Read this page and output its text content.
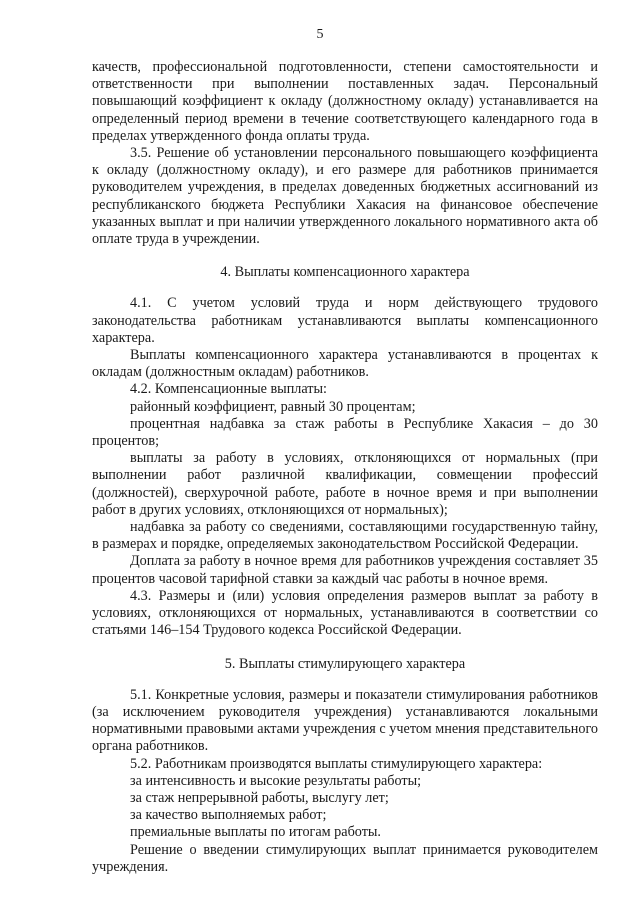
5

качеств, профессиональной подготовленности, степени самостоятельности и ответственности при выполнении поставленных задач. Персональный повышающий коэффициент к окладу (должностному окладу) устанавливается на определенный период времени в течение соответствующего календарного года в пределах утвержденного фонда оплаты труда.

3.5. Решение об установлении персонального повышающего коэффициента к окладу (должностному окладу), и его размере для работников принимается руководителем учреждения, в пределах доведенных бюджетных ассигнований из республиканского бюджета Республики Хакасия на финансовое обеспечение указанных выплат и при наличии утвержденного локального нормативного акта об оплате труда в учреждении.

4. Выплаты компенсационного характера

4.1. С учетом условий труда и норм действующего трудового законодательства работникам устанавливаются выплаты компенсационного характера.

Выплаты компенсационного характера устанавливаются в процентах к окладам (должностным окладам) работников.

4.2. Компенсационные выплаты:

районный коэффициент, равный 30 процентам;

процентная надбавка за стаж работы в Республике Хакасия – до 30 процентов;

выплаты за работу в условиях, отклоняющихся от нормальных (при выполнении работ различной квалификации, совмещении профессий (должностей), сверхурочной работе, работе в ночное время и при выполнении работ в других условиях, отклоняющихся от нормальных);

надбавка за работу со сведениями, составляющими государственную тайну, в размерах и порядке, определяемых законодательством Российской Федерации.

Доплата за работу в ночное время для работников учреждения составляет 35 процентов часовой тарифной ставки за каждый час работы в ночное время.

4.3. Размеры и (или) условия определения размеров выплат за работу в условиях, отклоняющихся от нормальных, устанавливаются в соответствии со статьями 146–154 Трудового кодекса Российской Федерации.

5. Выплаты стимулирующего характера

5.1. Конкретные условия, размеры и показатели стимулирования работников (за исключением руководителя учреждения) устанавливаются локальными нормативными правовыми актами учреждения с учетом мнения представительного органа работников.

5.2. Работникам производятся выплаты стимулирующего характера:

за интенсивность и высокие результаты работы;

за стаж непрерывной работы, выслугу лет;

за качество выполняемых работ;

премиальные выплаты по итогам работы.

Решение о введении стимулирующих выплат принимается руководителем учреждения.
